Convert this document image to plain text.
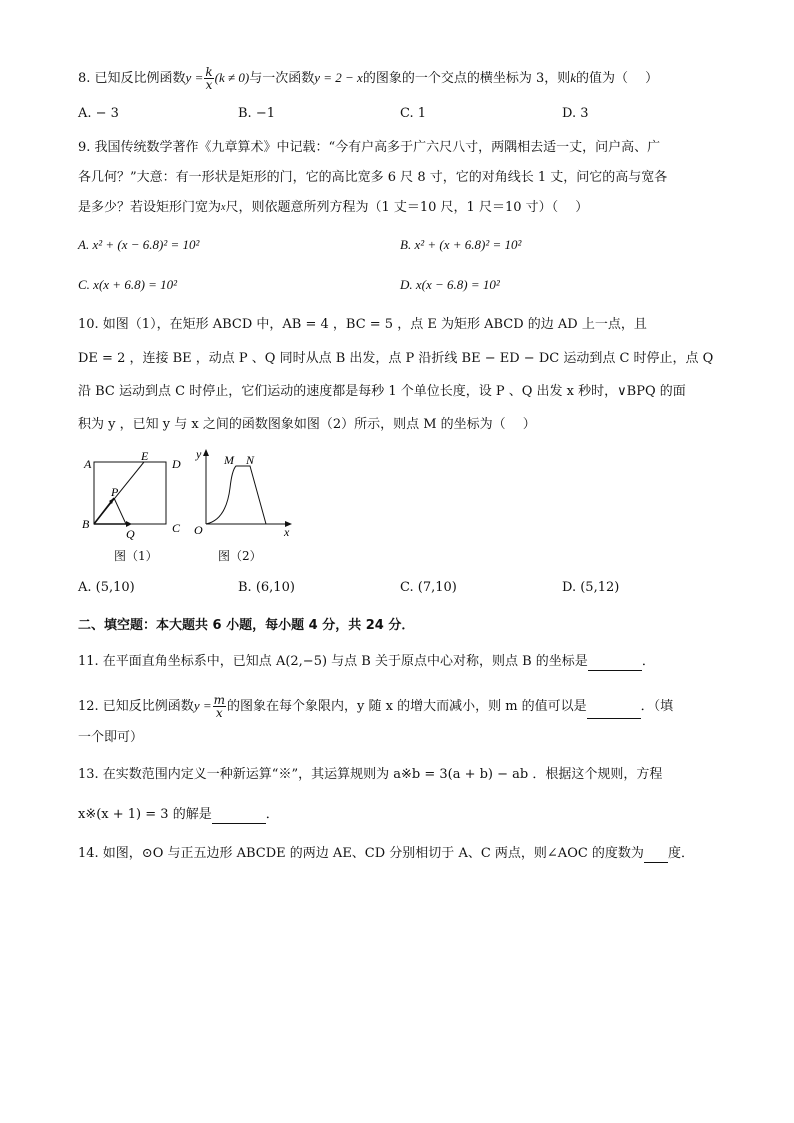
8. 已知反比例函数$y = \frac{k}{x} (k \ne 0)$与一次函数y = 2 − x的图象的一个交点的横坐标为 3，则k的值为（　 ）
A. − 3	B. −1	C. 1	D. 3
9. 我国传统数学著作《九章算术》中记载：“今有户高多于广六尺八寸，两隅相去适一丈，问户高、广
各几何？”大意：有一形状是矩形的门，它的高比宽多 6 尺 8 寸，它的对角线长 1 丈，问它的高与宽各
是多少？若设矩形门宽为$^x$尺，则依题意所列方程为（1 丈＝10 尺，1 尺＝10 寸）（　 ）
A. x² + (x − 6.8)² = 10²	B. x² + (x + 6.8)² = 10²
C. x(x + 6.8) = 10²	D. x(x − 6.8) = 10²
10. 如图（1），在矩形 ABCD 中，AB = 4 ，BC = 5 ，点 E 为矩形 ABCD 的边 AD 上一点，且
DE = 2 ，连接 BE ，动点 P 、Q 同时从点 B 出发，点 P 沿折线 BE − ED − DC 运动到点 C 时停止，点 Q
沿 BC 运动到点 C 时停止，它们运动的速度都是每秒 1 个单位长度，设 P 、Q 出发 x 秒时，∨BPQ 的面
积为 y ，已知 y 与 x 之间的函数图象如图（2）所示，则点 M 的坐标为（　 ）
A
E
D
P
B
Q	C
图（1）
y M N
O	x
图（2）
A. (5,10)	B. (6,10)	C. (7,10)	D. (5,12)
二、填空题：本大题共 6 小题，每小题 4 分，共 24 分．
11. 在平面直角坐标系中，已知点 A(2,−5) 与点 B 关于原点中心对称，则点 B 的坐标是	．
12. 已知反比例函数$y = \frac{m}{x}$ 的图象在每个象限内，y 随 x 的增大而减小，则 m 的值可以是	．（填
一个即可）
13. 在实数范围内定义一种新运算“※”，其运算规则为 a※b = 3(a + b) − ab ．根据这个规则，方程
x※(x + 1) = 3 的解是	．
14. 如图，⊙O 与正五边形 ABCDE 的两边 AE、CD 分别相切于 A、C 两点，则∠AOC 的度数为 度．
